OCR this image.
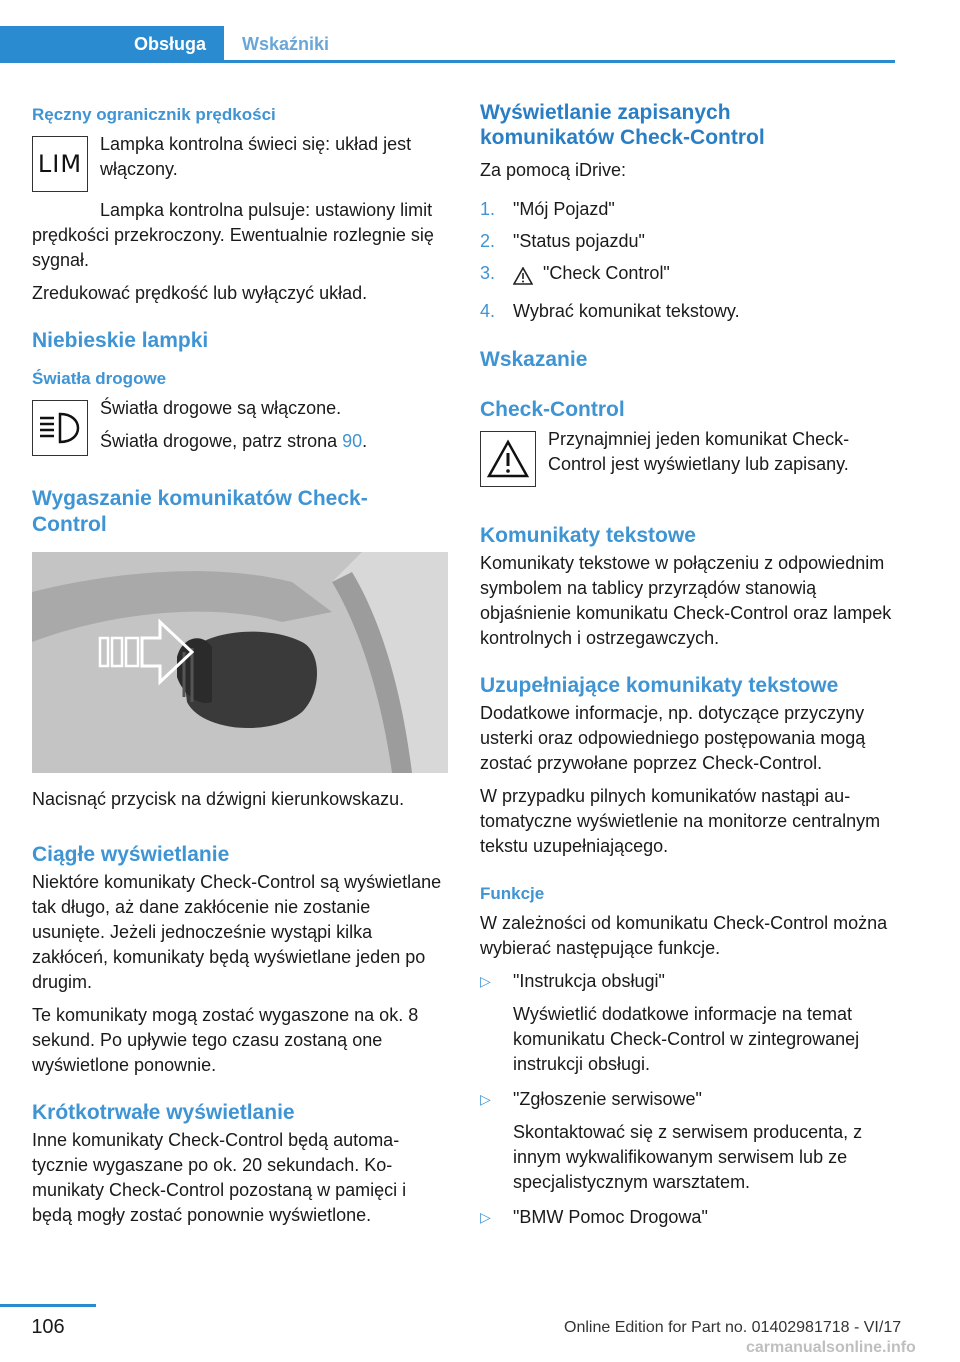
Obsługa	Wskaźniki
Ręczny ogranicznik prędkości
LIM

Lampka kontrolna świeci się: układ jest włączony.

Lampka kontrolna pulsuje: ustawiony limit prędkości przekroczony. Ewentualnie rozlegnie się sygnał.

Zredukować prędkość lub wyłączyć układ.

Niebieskie lampki
Światła drogowe

Światła drogowe są włączone.

Światła drogowe, patrz strona 90.

Wygaszanie komunikatów Check-Control

Nacisnąć przycisk na dźwigni kierunkowskazu.

Ciągłe wyświetlanie

Niektóre komunikaty Check-Control są wyświetlane tak długo, aż dane zakłócenie nie zostanie usunięte. Jeżeli jednocześnie wystąpi kilka zakłóceń, komunikaty będą wyświetlane jeden po drugim.

Te komunikaty mogą zostać wygaszone na ok. 8 sekund. Po upływie tego czasu zostaną one wyświetlone ponownie.

Krótkotrwałe wyświetlanie

Inne komunikaty Check-Control będą automatycznie wygaszane po ok. 20 sekundach. Komunikaty Check-Control pozostaną w pamięci i będą mogły zostać ponownie wyświetlone.

Wyświetlanie zapisanych komunikatów Check-Control

Za pomocą iDrive:

1. "Mój Pojazd"
2. "Status pojazdu"
3.	"Check Control"
4. Wybrać komunikat tekstowy.
Wskazanie
Check-Control

Przynajmniej jeden komunikat Check-Control jest wyświetlany lub zapisany.

Komunikaty tekstowe

Komunikaty tekstowe w połączeniu z odpowiednim symbolem na tablicy przyrządów stanowią objaśnienie komunikatu Check-Control oraz lampek kontrolnych i ostrzegawczych.

Uzupełniające komunikaty tekstowe

Dodatkowe informacje, np. dotyczące przyczyny usterki oraz odpowiedniego postępowania mogą zostać przywołane poprzez Check-Control.

W przypadku pilnych komunikatów nastąpi automatyczne wyświetlenie na monitorze centralnym tekstu uzupełniającego.

Funkcje

W zależności od komunikatu Check-Control można wybierać następujące funkcje.

▷	"Instrukcja obsługi"

Wyświetlić dodatkowe informacje na temat komunikatu Check-Control w zintegrowanej instrukcji obsługi.

▷	"Zgłoszenie serwisowe"

Skontaktować się z serwisem producenta, z innym wykwalifikowanym serwisem lub ze specjalistycznym warsztatem.

▷	"BMW Pomoc Drogowa"

106	Online Edition for Part no. 01402981718 - VI/17
carmanualsonline.info
